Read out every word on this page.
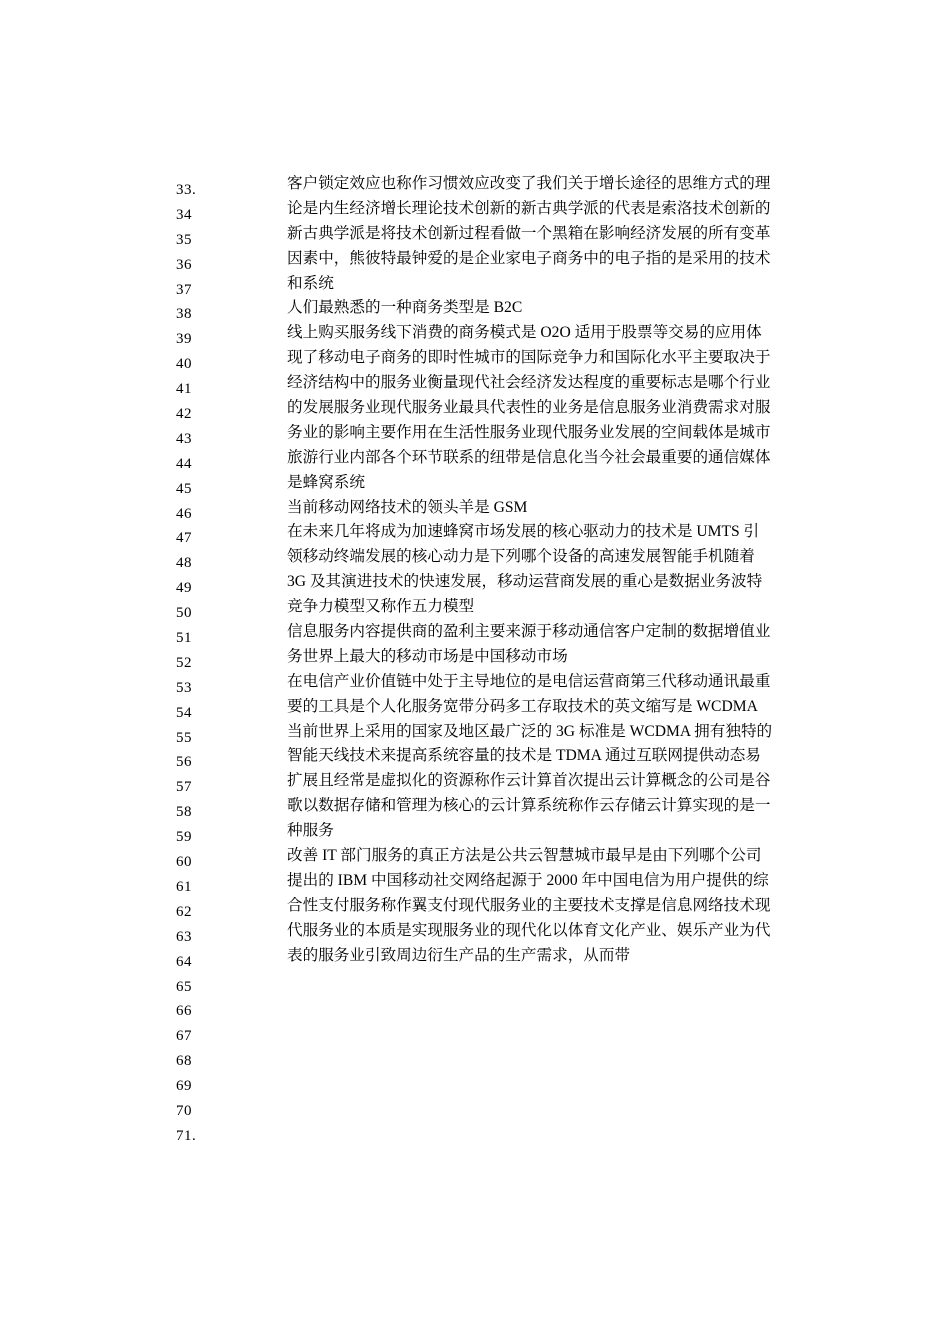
33.
34
35
36
37
38
39
40
41
42
43
44
45
46
47
48
49
50
51
52
53
54
55
56
57
58
59
60
61
62
63
64
65
66
67
68
69
70
71.
客户锁定效应也称作习惯效应改变了我们关于增长途径的思维方式的理
论是内生经济增长理论技术创新的新古典学派的代表是索洛技术创新的
新古典学派是将技术创新过程看做一个黑箱在影响经济发展的所有变革
因素中，熊彼特最钟爱的是企业家电子商务中的电子指的是采用的技术
和系统
人们最熟悉的一种商务类型是 B2C
线上购买服务线下消费的商务模式是 O2O 适用于股票等交易的应用体
现了移动电子商务的即时性城市的国际竞争力和国际化水平主要取决于
经济结构中的服务业衡量现代社会经济发达程度的重要标志是哪个行业
的发展服务业现代服务业最具代表性的业务是信息服务业消费需求对服
务业的影响主要作用在生活性服务业现代服务业发展的空间载体是城市
旅游行业内部各个环节联系的纽带是信息化当今社会最重要的通信媒体
是蜂窝系统
当前移动网络技术的领头羊是 GSM
在未来几年将成为加速蜂窝市场发展的核心驱动力的技术是 UMTS 引
领移动终端发展的核心动力是下列哪个设备的高速发展智能手机随着
3G 及其演进技术的快速发展，移动运营商发展的重心是数据业务波特
竞争力模型又称作五力模型
信息服务内容提供商的盈利主要来源于移动通信客户定制的数据增值业
务世界上最大的移动市场是中国移动市场
在电信产业价值链中处于主导地位的是电信运营商第三代移动通讯最重
要的工具是个人化服务宽带分码多工存取技术的英文缩写是 WCDMA
当前世界上采用的国家及地区最广泛的 3G 标准是 WCDMA 拥有独特的
智能天线技术来提高系统容量的技术是 TDMA 通过互联网提供动态易
扩展且经常是虚拟化的资源称作云计算首次提出云计算概念的公司是谷
歌以数据存储和管理为核心的云计算系统称作云存储云计算实现的是一
种服务
改善 IT 部门服务的真正方法是公共云智慧城市最早是由下列哪个公司
提出的 IBM 中国移动社交网络起源于 2000 年中国电信为用户提供的综
合性支付服务称作翼支付现代服务业的主要技术支撑是信息网络技术现
代服务业的本质是实现服务业的现代化以体育文化产业、娱乐产业为代
表的服务业引致周边衍生产品的生产需求，从而带
